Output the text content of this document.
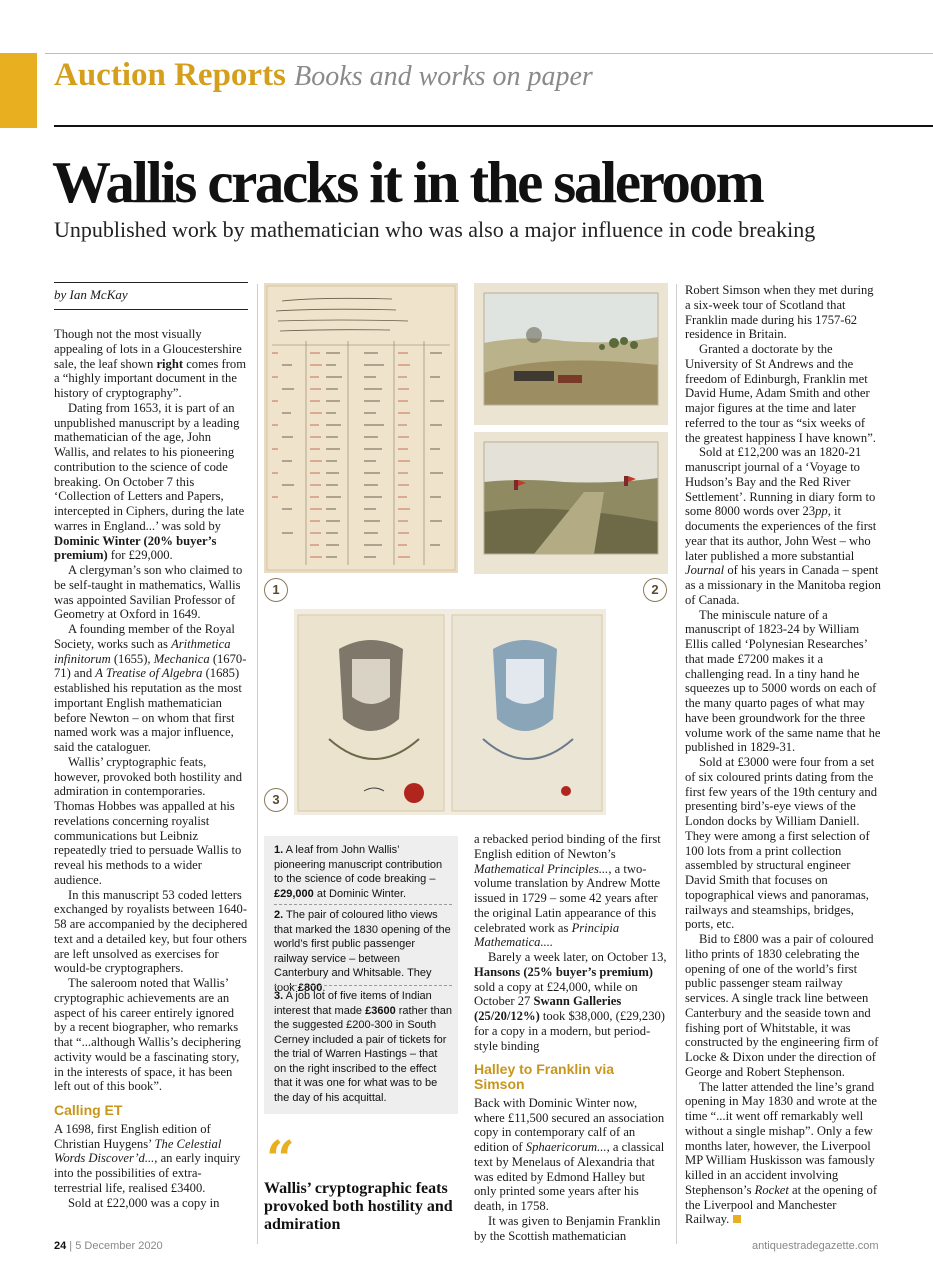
Auction Reports Books and works on paper
Wallis cracks it in the saleroom
Unpublished work by mathematician who was also a major influence in code breaking
by Ian McKay

Though not the most visually appealing of lots in a Gloucestershire sale, the leaf shown right comes from a “highly important document in the history of cryptography”.

Dating from 1653, it is part of an unpublished manuscript by a leading mathematician of the age, John Wallis, and relates to his pioneering contribution to the science of code breaking. On October 7 this ‘Collection of Letters and Papers, intercepted in Ciphers, during the late warres in England...’ was sold by Dominic Winter (20% buyer’s premium) for £29,000.

A clergyman’s son who claimed to be self-taught in mathematics, Wallis was appointed Savilian Professor of Geometry at Oxford in 1649.

A founding member of the Royal Society, works such as Arithmetica infinitorum (1655), Mechanica (1670-71) and A Treatise of Algebra (1685) established his reputation as the most important English mathematician before Newton – on whom that first named work was a major influence, said the cataloguer.

Wallis’ cryptographic feats, however, provoked both hostility and admiration in contemporaries. Thomas Hobbes was appalled at his revelations concerning royalist communications but Leibniz repeatedly tried to persuade Wallis to reveal his methods to a wider audience.

In this manuscript 53 coded letters exchanged by royalists between 1640-58 are accompanied by the deciphered text and a detailed key, but four others are left unsolved as exercises for would-be cryptographers.

The saleroom noted that Wallis’ cryptographic achievements are an aspect of his career entirely ignored by a recent biographer, who remarks that “...although Wallis’s deciphering activity would be a fascinating story, in the interests of space, it has been left out of this book”.

Calling ET

A 1698, first English edition of Christian Huygens’ The Celestial Words Discover’d..., an early inquiry into the possibilities of extra-terrestrial life, realised £3400.

Sold at £22,000 was a copy in

1	2
3
1. A leaf from John Wallis’ pioneering manuscript contribution to the science of code breaking – £29,000 at Dominic Winter.
2. The pair of coloured litho views that marked the 1830 opening of the world’s first public passenger railway service – between Canterbury and Whitsable. They took £800.
3. A job lot of five items of Indian interest that made £3600 rather than the suggested £200-300 in South Cerney included a pair of tickets for the trial of Warren Hastings – that on the right inscribed to the effect that it was one for what was to be the day of his acquittal.
“
Wallis’ cryptographic feats provoked both hostility and admiration

a rebacked period binding of the first English edition of Newton’s Mathematical Principles..., a two-volume translation by Andrew Motte issued in 1729 – some 42 years after the original Latin appearance of this celebrated work as Principia Mathematica....

Barely a week later, on October 13, Hansons (25% buyer’s premium) sold a copy at £24,000, while on October 27 Swann Galleries (25/20/12%) took $38,000, (£29,230) for a copy in a modern, but period-style binding

Halley to Franklin via Simson

Back with Dominic Winter now, where £11,500 secured an association copy in contemporary calf of an edition of Sphaericorum..., a classical text by Menelaus of Alexandria that was edited by Edmond Halley but only printed some years after his death, in 1758.

It was given to Benjamin Franklin by the Scottish mathematician

Robert Simson when they met during a six-week tour of Scotland that Franklin made during his 1757-62 residence in Britain.

Granted a doctorate by the University of St Andrews and the freedom of Edinburgh, Franklin met David Hume, Adam Smith and other major figures at the time and later referred to the tour as “six weeks of the greatest happiness I have known”.

Sold at £12,200 was an 1820-21 manuscript journal of a ‘Voyage to Hudson’s Bay and the Red River Settlement’. Running in diary form to some 8000 words over 23pp, it documents the experiences of the first year that its author, John West – who later published a more substantial Journal of his years in Canada – spent as a missionary in the Manitoba region of Canada.

The miniscule nature of a manuscript of 1823-24 by William Ellis called ‘Polynesian Researches’ that made £7200 makes it a challenging read. In a tiny hand he squeezes up to 5000 words on each of the many quarto pages of what may have been groundwork for the three volume work of the same name that he published in 1829-31.

Sold at £3000 were four from a set of six coloured prints dating from the first few years of the 19th century and presenting bird’s-eye views of the London docks by William Daniell. They were among a first selection of 100 lots from a print collection assembled by structural engineer David Smith that focuses on topographical views and panoramas, railways and steamships, bridges, ports, etc.

Bid to £800 was a pair of coloured litho prints of 1830 celebrating the opening of one of the world’s first public passenger steam railway services. A single track line between Canterbury and the seaside town and fishing port of Whitstable, it was constructed by the engineering firm of Locke & Dixon under the direction of George and Robert Stephenson.

The latter attended the line’s grand opening in May 1830 and wrote at the time “...it went off remarkably well without a single mishap”. Only a few months later, however, the Liverpool MP William Huskisson was famously killed in an accident involving Stephenson’s Rocket at the opening of the Liverpool and Manchester Railway.

24 | 5 December 2020	antiquestradegazette.com
